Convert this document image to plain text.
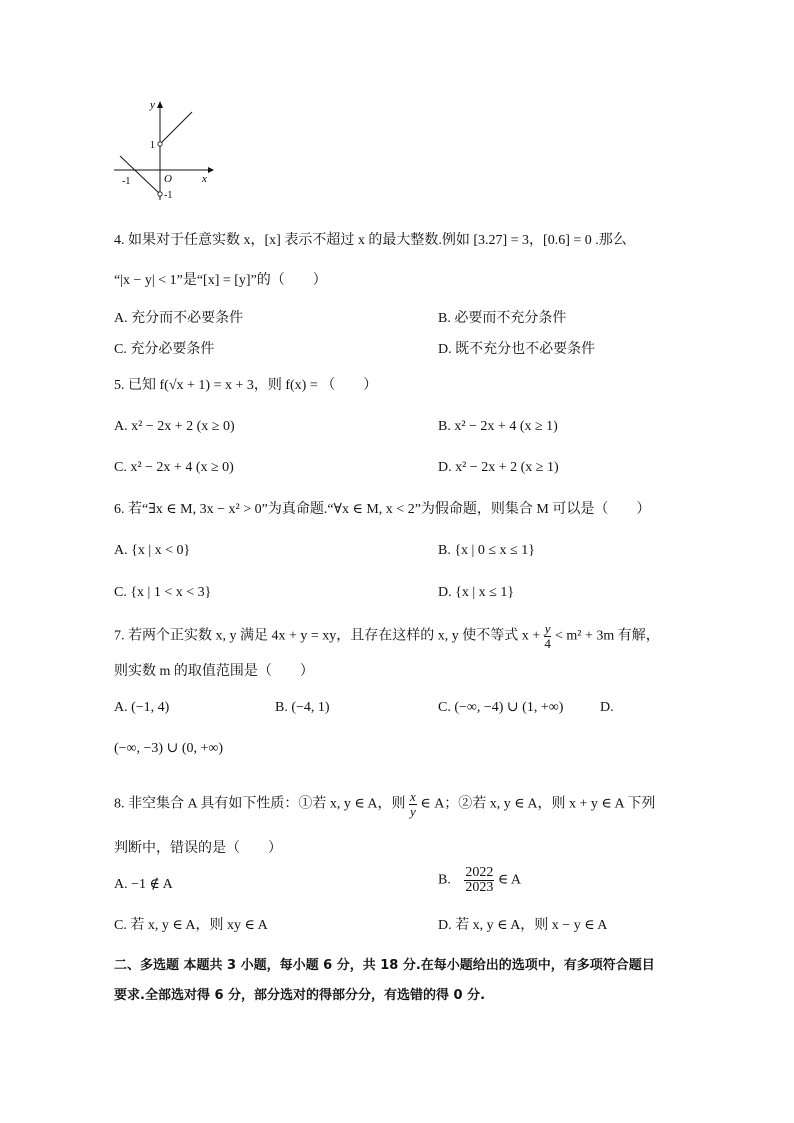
y
x
O
1
-1
-1
4. 如果对于任意实数 x，[x] 表示不超过 x 的最大整数.例如 [3.27] = 3，[0.6] = 0 .那么
“|x − y| < 1”是“[x] = [y]”的（　　）
A. 充分而不必要条件	B. 必要而不充分条件
C. 充分必要条件	D. 既不充分也不必要条件
5. 已知 f(√x + 1) = x + 3，则 f(x) = （　　）
A. x² − 2x + 2 (x ≥ 0)	B. x² − 2x + 4 (x ≥ 1)
C. x² − 2x + 4 (x ≥ 0)	D. x² − 2x + 2 (x ≥ 1)
6. 若“∃x ∈ M, 3x − x² > 0”为真命题.“∀x ∈ M, x < 2”为假命题，则集合 M 可以是（　　）
A. {x | x < 0}	B. {x | 0 ≤ x ≤ 1}
C. {x | 1 < x < 3}	D. {x | x ≤ 1}
7. 若两个正实数 x, y 满足 4x + y = xy，且存在这样的 x, y 使不等式 $x + \frac{y}{4} < m^2 + 3m$ 有解，
则实数 m 的取值范围是（　　）
A. (−1, 4)	B. (−4, 1)	C. (−∞, −4) ∪ (1, +∞)	D.
(−∞, −3) ∪ (0, +∞)
8. 非空集合 A 具有如下性质：①若 x, y ∈ A，则 $\frac{x}{y}$ ∈ A；②若 x, y ∈ A，则 x + y ∈ A 下列
判断中，错误的是（　　）
A. −1 ∉ A	B. $\frac{2022}{2023}$ ∈ A
C. 若 x, y ∈ A，则 xy ∈ A	D. 若 x, y ∈ A，则 x − y ∈ A
二、多选题 本题共 3 小题，每小题 6 分，共 18 分.在每小题给出的选项中，有多项符合题目
要求.全部选对得 6 分，部分选对的得部分分，有选错的得 0 分.
